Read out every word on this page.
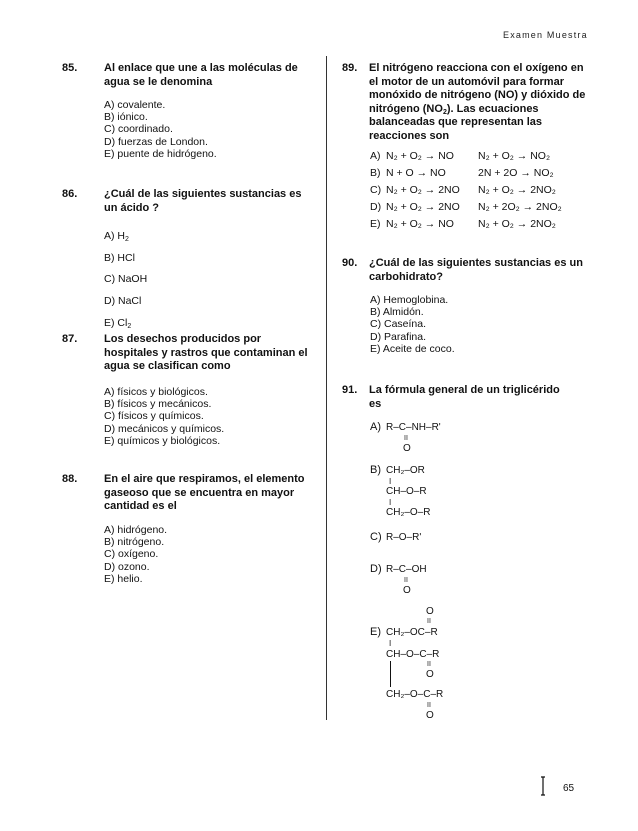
Examen Muestra
85. Al enlace que une a las moléculas de agua se le denomina
A) covalente.
B) iónico.
C) coordinado.
D) fuerzas de London.
E) puente de hidrógeno.
86. ¿Cuál de las siguientes sustancias es un ácido ?
A) $H_2$
B) HCl
C) NaOH
D) NaCl
E) $Cl_2$
87. Los desechos producidos por hospitales y rastros que contaminan el agua se clasifican como
A) físicos y biológicos.
B) físicos y mecánicos.
C) físicos y químicos.
D) mecánicos y químicos.
E) químicos y biológicos.
88. En el aire que respiramos, el elemento gaseoso que se encuentra en mayor cantidad es el
A) hidrógeno.
B) nitrógeno.
C) oxígeno.
D) ozono.
E) helio.
89. El nitrógeno reacciona con el oxígeno en el motor de un automóvil para formar monóxido de nitrógeno (NO) y dióxido de nitrógeno $(NO_2)$. Las ecuaciones balanceadas que representan las reacciones son
A) N₂ + O₂ → NO N₂ + O₂ → NO₂
B) N + O → NO	2N + 2O → NO₂
C) N₂ + O₂ → 2NO N₂ + O₂ → 2NO₂
D) N₂ + O₂ → 2NO N₂ + 2O₂ → 2NO₂
E) N₂ + O₂ → NO N₂ + O₂ → 2NO₂
90. ¿Cuál de las siguientes sustancias es un carbohidrato?
A) Hemoglobina.
B) Almidón.
C) Caseína.
D) Parafina.
E) Aceite de coco.
91. La fórmula general de un triglicérido es
A) R–C–NH–R'
II
O
B) CH₂–OR
I
CH–O–R
I
CH₂–O–R
C) R–O–R'
D) R–C–OH
II
O
O
II
E) CH₂–OC–R
I
CH–O–C–R
II
O
CH₂–O–C–R
II
O
65
